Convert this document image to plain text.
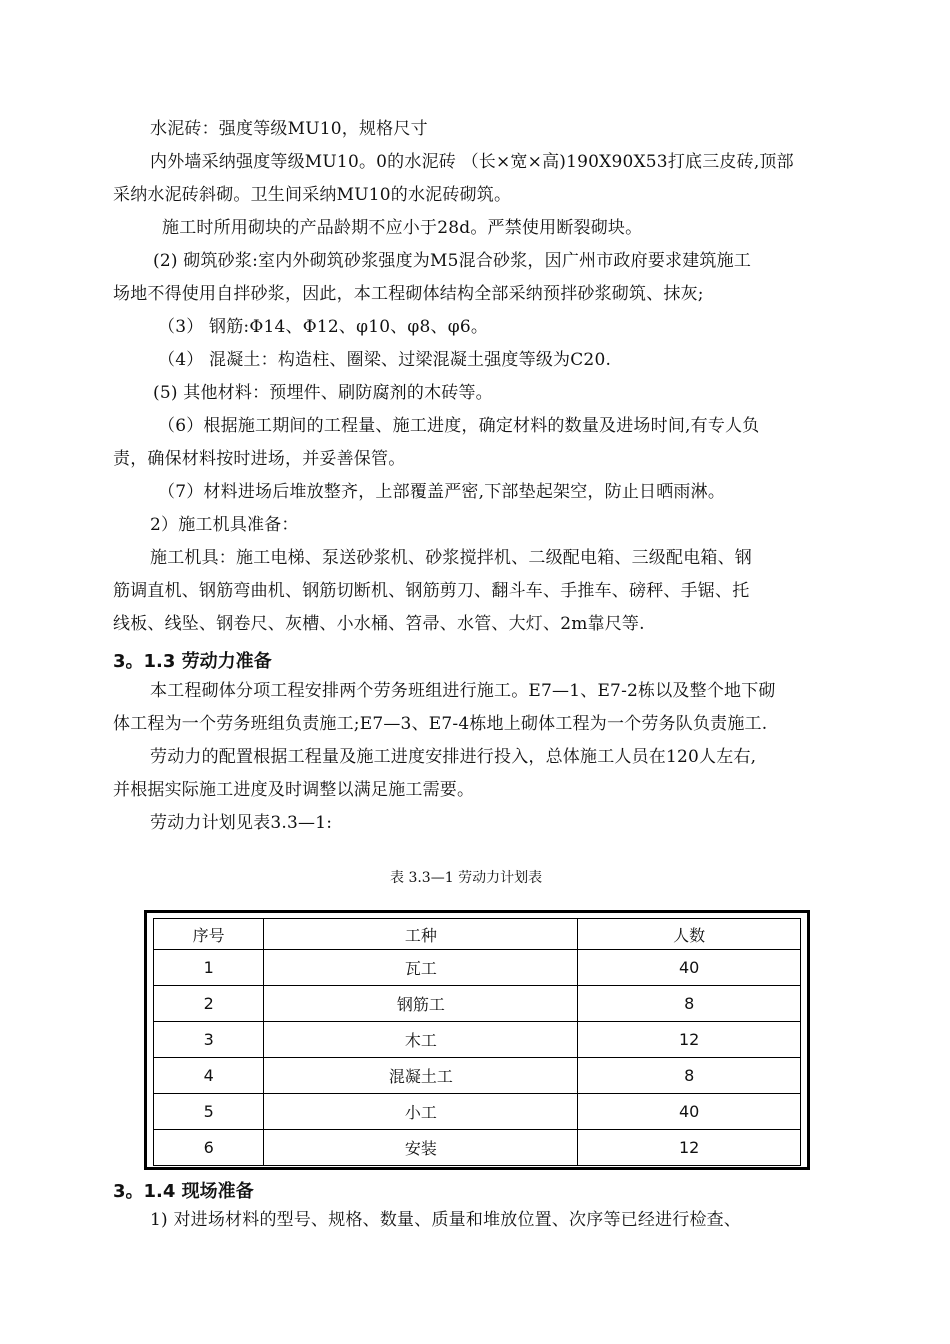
水泥砖：强度等级MU10，规格尺寸
内外墙采纳强度等级MU10。0的水泥砖 （长×宽×高)190X90X53打底三皮砖,顶部
采纳水泥砖斜砌。卫生间采纳MU10的水泥砖砌筑。
施工时所用砌块的产品龄期不应小于28d。严禁使用断裂砌块。
(2) 砌筑砂浆:室内外砌筑砂浆强度为M5混合砂浆，因广州市政府要求建筑施工
场地不得使用自拌砂浆，因此，本工程砌体结构全部采纳预拌砂浆砌筑、抹灰;
（3） 钢筋:Φ14、Φ12、φ10、φ8、φ6。
（4） 混凝土：构造柱、圈梁、过梁混凝土强度等级为C20.
(5) 其他材料：预埋件、刷防腐剂的木砖等。
（6）根据施工期间的工程量、施工进度，确定材料的数量及进场时间,有专人负
责，确保材料按时进场，并妥善保管。
（7）材料进场后堆放整齐，上部覆盖严密,下部垫起架空，防止日晒雨淋。
2）施工机具准备：
施工机具：施工电梯、泵送砂浆机、砂浆搅拌机、二级配电箱、三级配电箱、钢
筋调直机、钢筋弯曲机、钢筋切断机、钢筋剪刀、翻斗车、手推车、磅秤、手锯、托
线板、线坠、钢卷尺、灰槽、小水桶、笤帚、水管、大灯、2m靠尺等.
3。1.3 劳动力准备
本工程砌体分项工程安排两个劳务班组进行施工。E7—1、E7-2栋以及整个地下砌
体工程为一个劳务班组负责施工;E7—3、E7-4栋地上砌体工程为一个劳务队负责施工.
劳动力的配置根据工程量及施工进度安排进行投入，总体施工人员在120人左右,
并根据实际施工进度及时调整以满足施工需要。
劳动力计划见表3.3—1:
表 3.3—1 劳动力计划表
序号	工种	人数
1	瓦工	40
2	钢筋工	8
3	木工	12
4	混凝土工	8
5	小工	40
6	安装	12
3。1.4 现场准备
1) 对进场材料的型号、规格、数量、质量和堆放位置、次序等已经进行检查、
